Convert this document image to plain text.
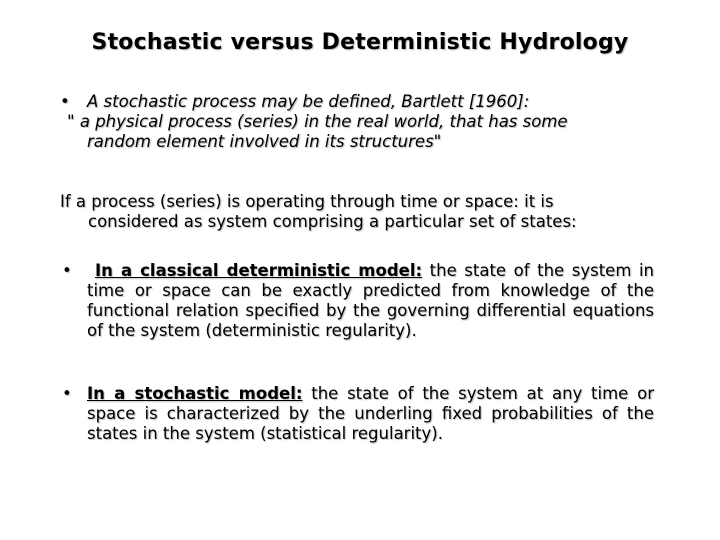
Stochastic versus Deterministic Hydrology
•	A stochastic process may be defined, Bartlett [1960]:
" a physical process (series) in the real world, that has some
random element involved in its structures"
If a process (series) is operating through time or space: it is
considered as system comprising a particular set of states:
•	In a classical deterministic model: the state of the system in time or space can be exactly predicted from knowledge of the functional relation specified by the governing differential equations of the system (deterministic regularity).
• In a stochastic model: the state of the system at any time or space is characterized by the underling fixed probabilities of the states in the system (statistical regularity).
